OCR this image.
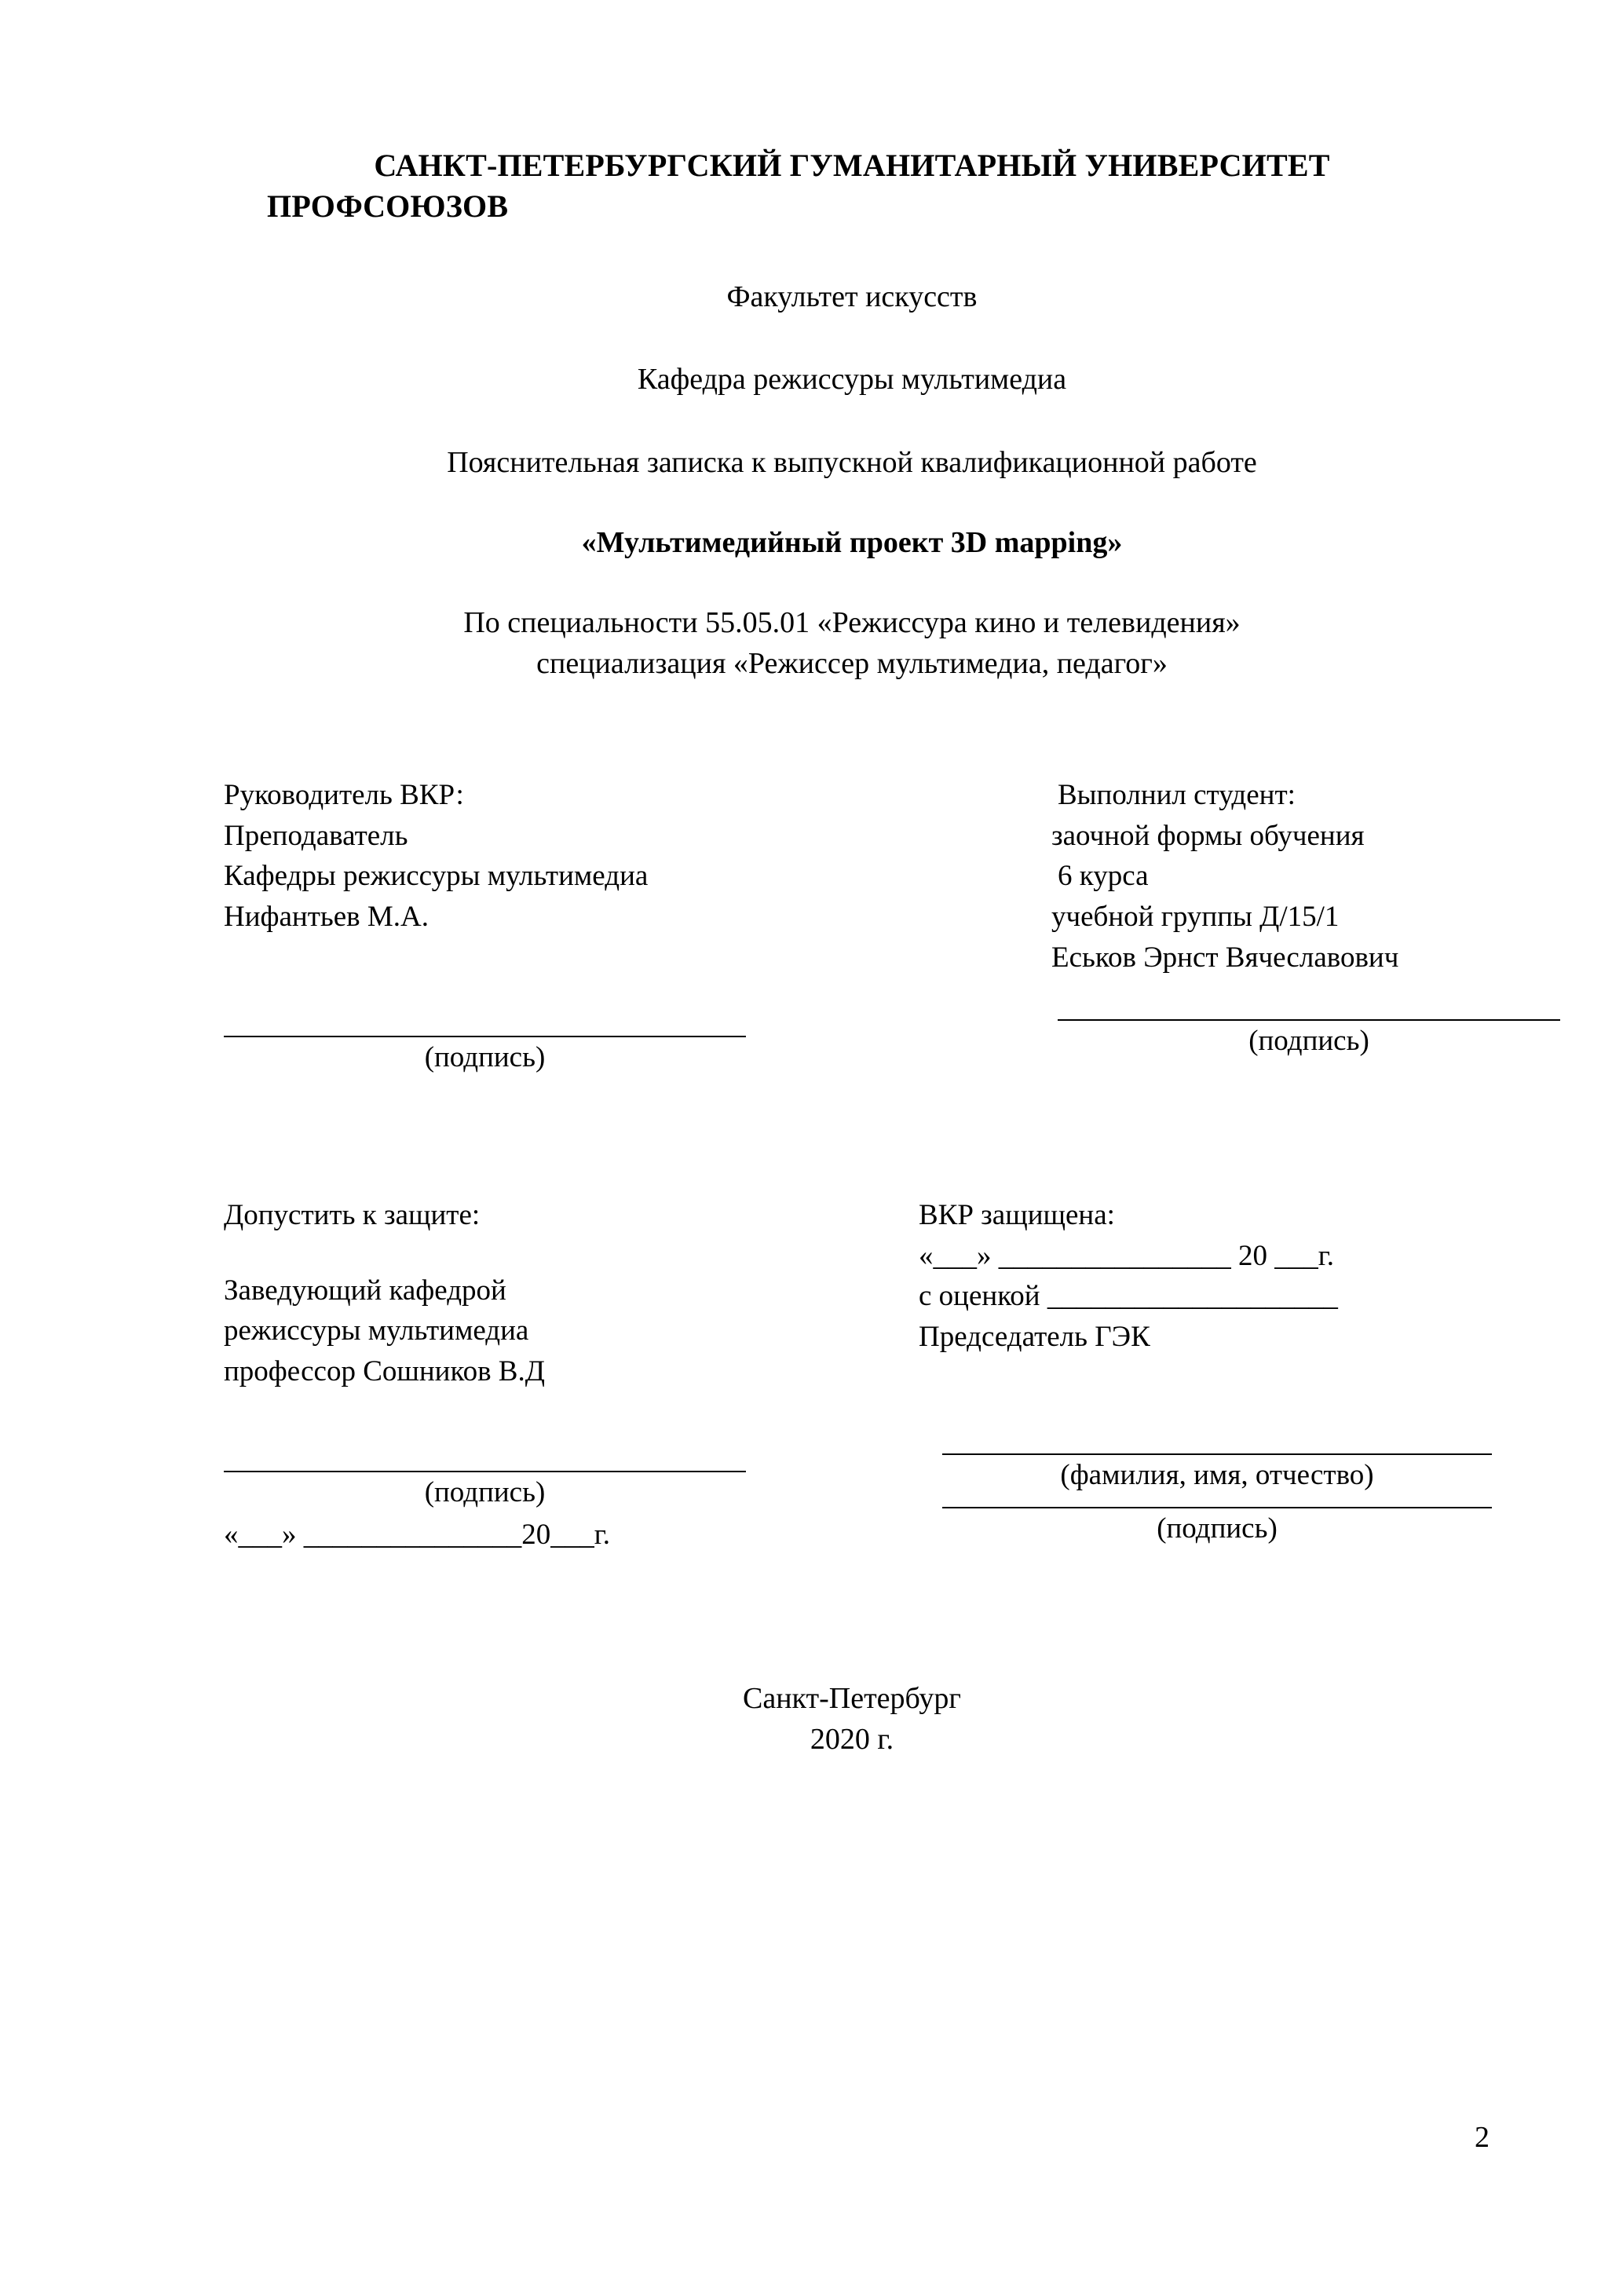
САНКТ-ПЕТЕРБУРГСКИЙ ГУМАНИТАРНЫЙ УНИВЕРСИТЕТ
ПРОФСОЮЗОВ
Факультет искусств
Кафедра режиссуры мультимедиа
Пояснительная записка к выпускной квалификационной работе
«Мультимедийный проект 3D mapping»
По специальности 55.05.01 «Режиссура кино и телевидения»
специализация «Режиссер мультимедиа, педагог»
Руководитель ВКР:
Преподаватель
Кафедры режиссуры мультимедиа
Нифантьев М.А.
(подпись)
Выполнил студент:
заочной формы обучения
6 курса
учебной группы Д/15/1
Еськов Эрнст Вячеславович
(подпись)
Допустить к защите:
Заведующий кафедрой
режиссуры мультимедиа
профессор Сошников В.Д
(подпись)
«___» _______________20___г.
ВКР защищена:
«___» ________________ 20 ___г.
с оценкой ____________________
Председатель ГЭК
(фамилия, имя, отчество)
(подпись)
Санкт-Петербург
2020 г.
2
